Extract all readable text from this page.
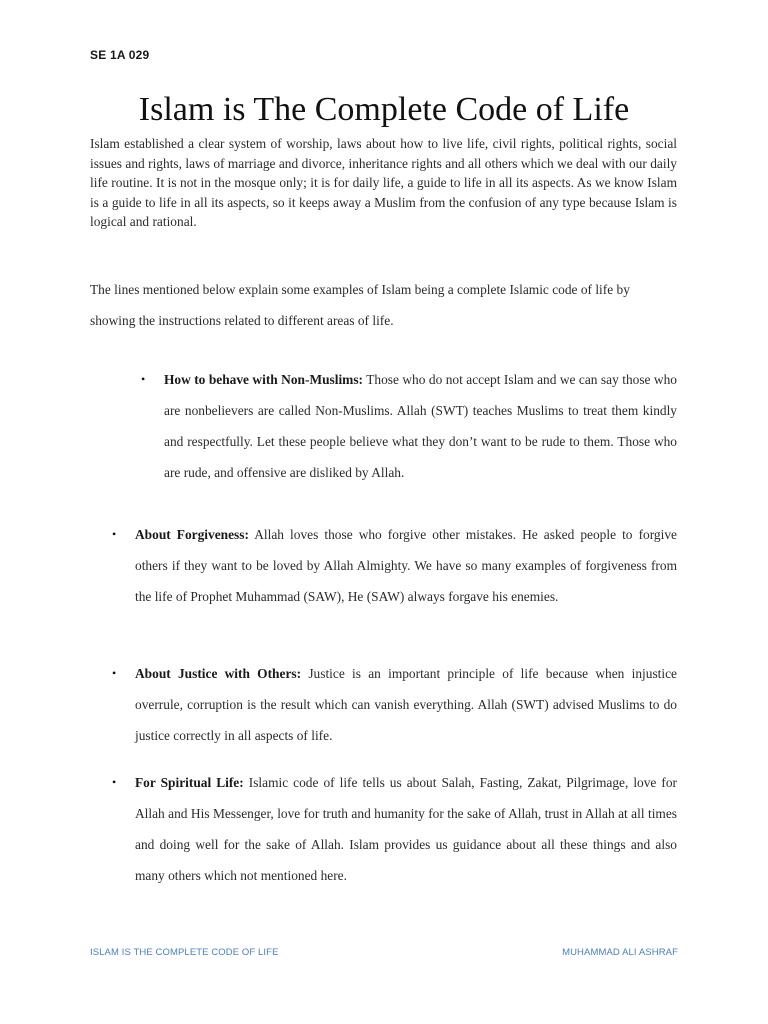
SE 1A 029
Islam is The Complete Code of Life

Islam established a clear system of worship, laws about how to live life, civil rights, political rights, social issues and rights, laws of marriage and divorce, inheritance rights and all others which we deal with our daily life routine. It is not in the mosque only; it is for daily life, a guide to life in all its aspects. As we know Islam is a guide to life in all its aspects, so it keeps away a Muslim from the confusion of any type because Islam is logical and rational.

The lines mentioned below explain some examples of Islam being a complete Islamic code of life by showing the instructions related to different areas of life.

• How to behave with Non-Muslims: Those who do not accept Islam and we can say those who are nonbelievers are called Non-Muslims. Allah (SWT) teaches Muslims to treat them kindly and respectfully. Let these people believe what they don’t want to be rude to them. Those who are rude, and offensive are disliked by Allah.

• About Forgiveness: Allah loves those who forgive other mistakes. He asked people to forgive others if they want to be loved by Allah Almighty. We have so many examples of forgiveness from the life of Prophet Muhammad (SAW), He (SAW) always forgave his enemies.

• About Justice with Others: Justice is an important principle of life because when injustice overrule, corruption is the result which can vanish everything. Allah (SWT) advised Muslims to do justice correctly in all aspects of life.

• For Spiritual Life: Islamic code of life tells us about Salah, Fasting, Zakat, Pilgrimage, love for Allah and His Messenger, love for truth and humanity for the sake of Allah, trust in Allah at all times and doing well for the sake of Allah. Islam provides us guidance about all these things and also many others which not mentioned here.

ISLAM IS THE COMPLETE CODE OF LIFE	MUHAMMAD ALI ASHRAF
